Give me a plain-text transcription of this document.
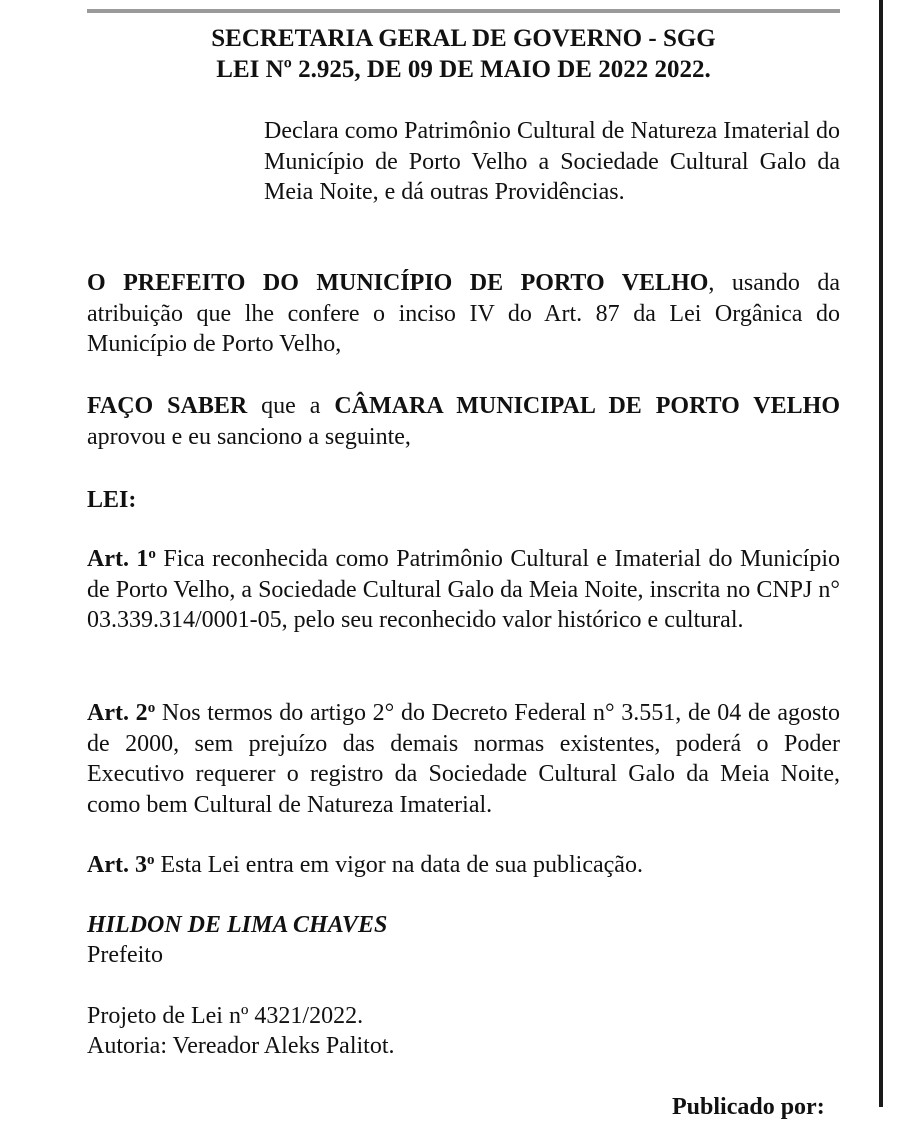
SECRETARIA GERAL DE GOVERNO - SGG
LEI Nº 2.925, DE 09 DE MAIO DE 2022 2022.
Declara como Patrimônio Cultural de Natureza Imaterial do Município de Porto Velho a Sociedade Cultural Galo da Meia Noite, e dá outras Providências.
O PREFEITO DO MUNICÍPIO DE PORTO VELHO, usando da atribuição que lhe confere o inciso IV do Art. 87 da Lei Orgânica do Município de Porto Velho,
FAÇO SABER que a CÂMARA MUNICIPAL DE PORTO VELHO aprovou e eu sanciono a seguinte,
LEI:
Art. 1$^o$ Fica reconhecida como Patrimônio Cultural e Imaterial do Município de Porto Velho, a Sociedade Cultural Galo da Meia Noite, inscrita no CNPJ n° 03.339.314/0001-05, pelo seu reconhecido valor histórico e cultural.
Art. 2$^o$ Nos termos do artigo 2° do Decreto Federal n° 3.551, de 04 de agosto de 2000, sem prejuízo das demais normas existentes, poderá o Poder Executivo requerer o registro da Sociedade Cultural Galo da Meia Noite, como bem Cultural de Natureza Imaterial.
Art. 3$^o$ Esta Lei entra em vigor na data de sua publicação.
HILDON DE LIMA CHAVES
Prefeito
Projeto de Lei nº 4321/2022.
Autoria: Vereador Aleks Palitot.
Publicado por:
